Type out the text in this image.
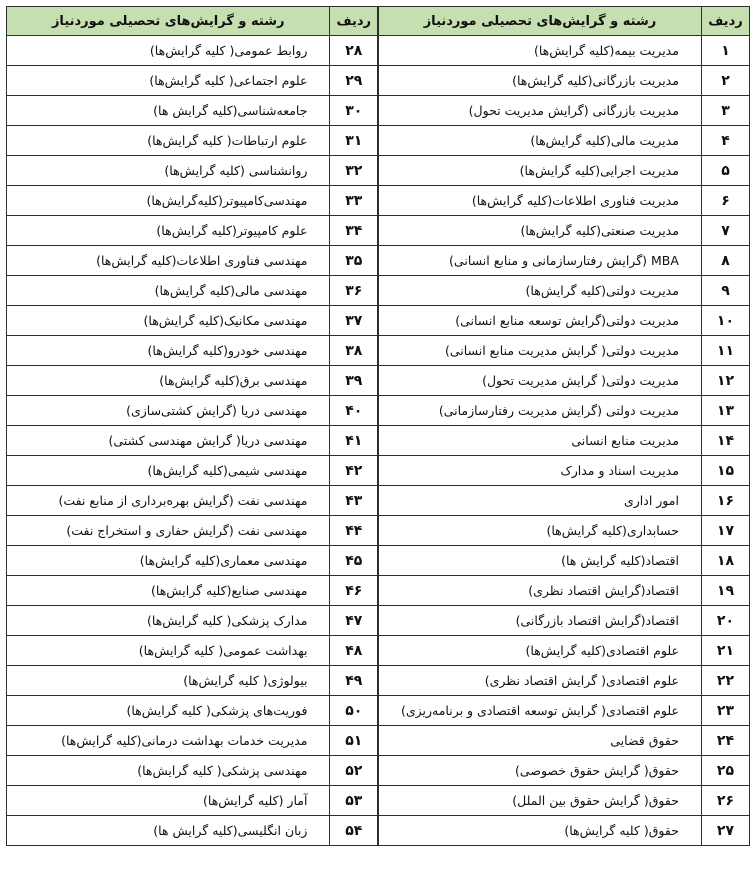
ردیف	رشته و گرایش‌های تحصیلی موردنیاز	ردیف	رشته و گرایش‌های تحصیلی موردنیاز
۱	مدیریت بیمه(کلیه گرایش‌ها)	۲۸	روابط عمومی( کلیه گرایش‌ها)
۲	مدیریت بازرگانی(کلیه گرایش‌ها)	۲۹	علوم اجتماعی( کلیه گرایش‌ها)
۳	مدیریت بازرگانی (گرایش مدیریت تحول)	۳۰	جامعه‌شناسی(کلیه گرایش ها)
۴	مدیریت مالی(کلیه گرایش‌ها)	۳۱	علوم ارتباطات( کلیه گرایش‌ها)
۵	مدیریت اجرایی(کلیه گرایش‌ها)	۳۲	روانشناسی (کلیه گرایش‌ها)
۶	مدیریت فناوری اطلاعات(کلیه گرایش‌ها)	۳۳	مهندسی‌کامپیوتر(کلیه‌گرایش‌ها)
۷	مدیریت صنعتی(کلیه گرایش‌ها)	۳۴	علوم کامپیوتر(کلیه گرایش‌ها)
۸	MBA (گرایش رفتارسازمانی و منابع انسانی)	۳۵	مهندسی فناوری اطلاعات(کلیه گرایش‌ها)
۹	مدیریت دولتی(کلیه گرایش‌ها)	۳۶	مهندسی مالی(کلیه گرایش‌ها)
۱۰	مدیریت دولتی(گرایش توسعه منابع انسانی)	۳۷	مهندسی مکانیک(کلیه گرایش‌ها)
۱۱	مدیریت دولتی( گرایش مدیریت منابع انسانی)	۳۸	مهندسی خودرو(کلیه گرایش‌ها)
۱۲	مدیریت دولتی( گرایش مدیریت تحول)	۳۹	مهندسی برق(کلیه گرایش‌ها)
۱۳	مدیریت دولتی (گرایش مدیریت رفتارسازمانی)	۴۰	مهندسی دریا (گرایش کشتی‌سازی)
۱۴	مدیریت منابع انسانی	۴۱	مهندسی دریا( گرایش مهندسی کشتی)
۱۵	مدیریت اسناد و مدارک	۴۲	مهندسی شیمی(کلیه گرایش‌ها)
۱۶	امور اداری	۴۳	مهندسی نفت (گرایش بهره‌برداری از منابع نفت)
۱۷	حسابداری(کلیه گرایش‌ها)	۴۴	مهندسی نفت (گرایش حفاری و استخراج نفت)
۱۸	اقتصاد(کلیه گرایش ها)	۴۵	مهندسی معماری(کلیه گرایش‌ها)
۱۹	اقتصاد(گرایش اقتصاد نظری)	۴۶	مهندسی صنایع(کلیه گرایش‌ها)
۲۰	اقتصاد(گرایش اقتصاد بازرگانی)	۴۷	مدارک پزشکی( کلیه گرایش‌ها)
۲۱	علوم اقتصادی(کلیه گرایش‌ها)	۴۸	بهداشت عمومی( کلیه گرایش‌ها)
۲۲	علوم اقتصادی( گرایش اقتصاد نظری)	۴۹	بیولوژی( کلیه گرایش‌ها)
۲۳	علوم اقتصادی( گرایش توسعه اقتصادی و برنامه‌ریزی)	۵۰	فوریت‌های پزشکی( کلیه گرایش‌ها)
۲۴	حقوق قضایی	۵۱	مدیریت خدمات بهداشت درمانی(کلیه گرایش‌ها)
۲۵	حقوق( گرایش حقوق خصوصی)	۵۲	مهندسی پزشکی( کلیه گرایش‌ها)
۲۶	حقوق( گرایش حقوق بین الملل)	۵۳	آمار (کلیه گرایش‌ها)
۲۷	حقوق( کلیه گرایش‌ها)	۵۴	زبان انگلیسی(کلیه گرایش ها)
